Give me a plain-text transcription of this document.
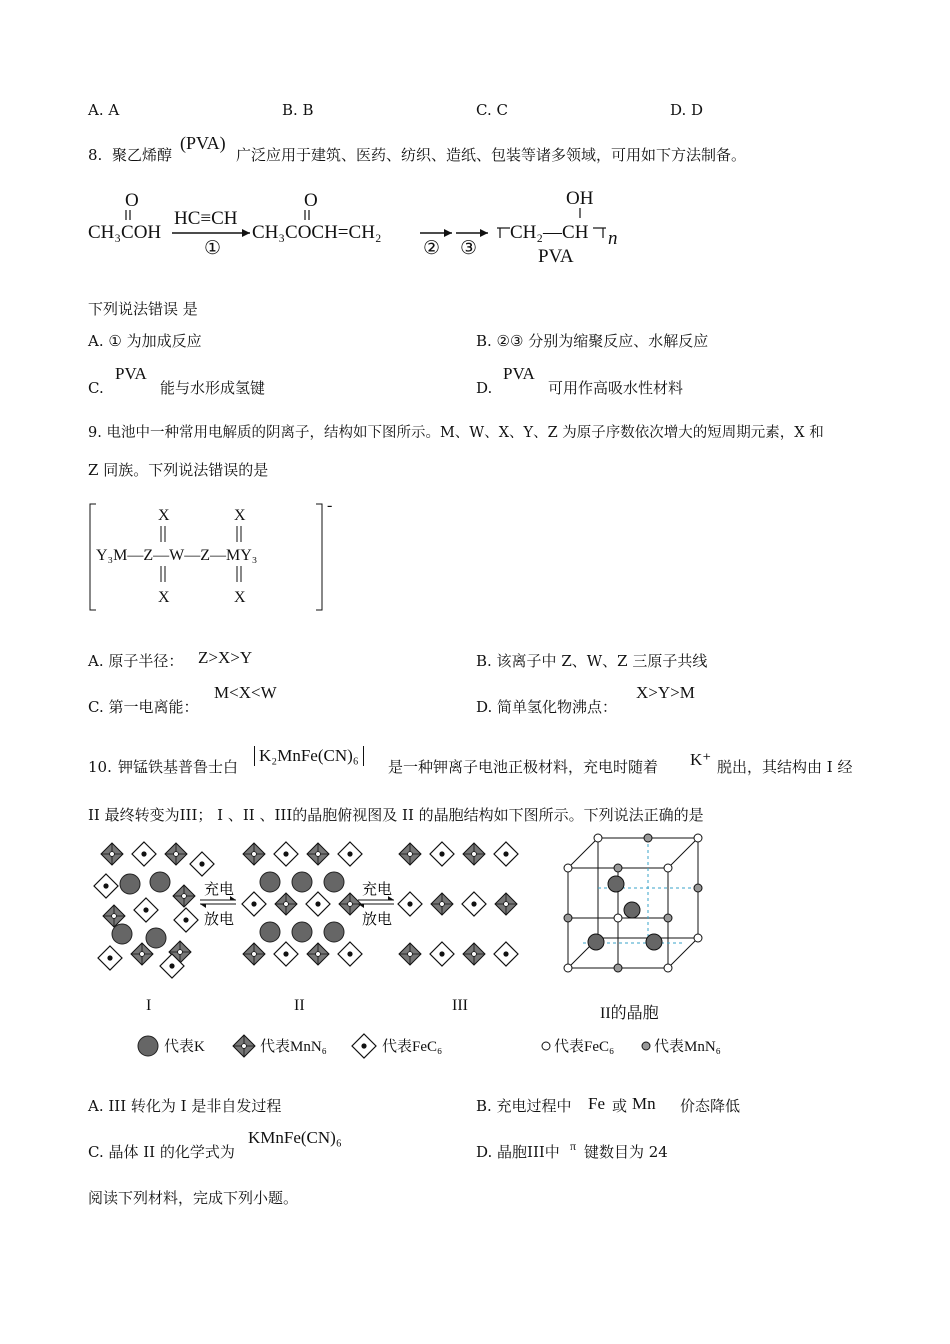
A. A	B. B	C. C	D. D
8. 聚乙烯醇
(PVA)
广泛应用于建筑、医药、纺织、造纸、包装等诸多领域，可用如下方法制备。
O
CH₃COH
HC≡CH
①
O
CH₃COCH=CH₂
② ③
OH
CH₂—CH n
PVA
下列说法错误 是
A. ① 为加成反应	B. ②③ 分别为缩聚反应、水解反应
C.
PVA
能与水形成氢键	D.
PVA
可用作高吸水性材料
9. 电池中一种常用电解质的阴离子，结构如下图所示。M、W、X、Y、Z 为原子序数依次增大的短周期元素，X 和
Z 同族。下列说法错误的是
-
X	X
Y₃M—Z—W—Z—MY₃
X	X
A. 原子半径： Z>X>Y	B. 该离子中 Z、W、Z 三原子共线
C. 第一电离能：
M<X<W
D. 简单氢化物沸点：
X>Y>M
10. 钾锰铁基普鲁士白
K₂MnFe(CN)₆
是一种钾离子电池正极材料，充电时随着 K⁺ 脱出，其结构由 I 经
II 最终转变为III； I 、II 、III的晶胞俯视图及 II 的晶胞结构如下图所示。下列说法正确的是
充电
放电
充电
放电
I	II	III	II的晶胞
代表K	代表MnN₆	代表FeC₆	代表FeC₆	代表MnN₆
A. III 转化为 I 是非自发过程	B. 充电过程中 Fe 或 Mn 价态降低
C. 晶体 II 的化学式为
KMnFe(CN)₆
D. 晶胞III中 π 键数目为 24
阅读下列材料，完成下列小题。
